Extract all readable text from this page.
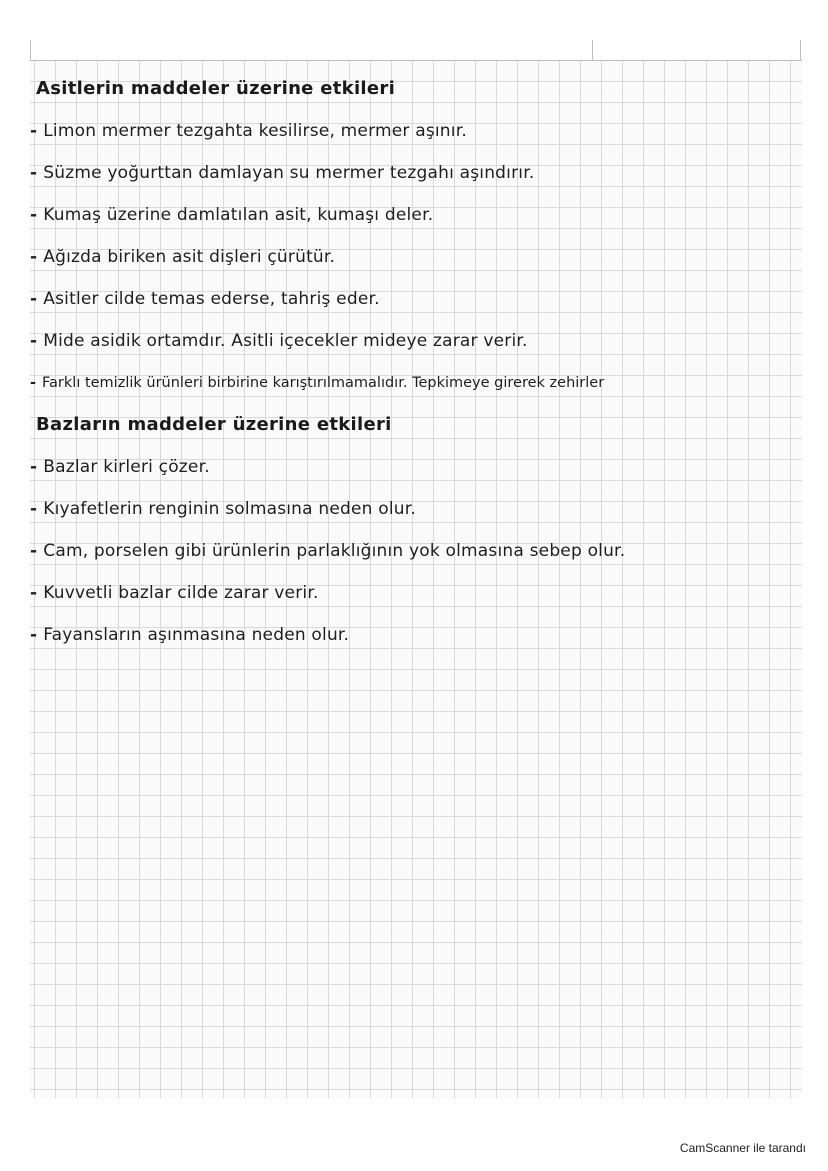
Asitlerin maddeler üzerine etkileri
- Limon mermer tezgahta kesilirse, mermer aşınır.
- Süzme yoğurttan damlayan su mermer tezgahı aşındırır.
- Kumaş üzerine damlatılan asit, kumaşı deler.
- Ağızda biriken asit dişleri çürütür.
- Asitler cilde temas ederse, tahriş eder.
- Mide asidik ortamdır. Asitli içecekler mideye zarar verir.
- Farklı temizlik ürünleri birbirine karıştırılmamalıdır. Tepkimeye girerek zehirler
Bazların maddeler üzerine etkileri
- Bazlar kirleri çözer.
- Kıyafetlerin renginin solmasına neden olur.
- Cam, porselen gibi ürünlerin parlaklığının yok olmasına sebep olur.
- Kuvvetli bazlar cilde zarar verir.
- Fayansların aşınmasına neden olur.
CamScanner ile tarandı
